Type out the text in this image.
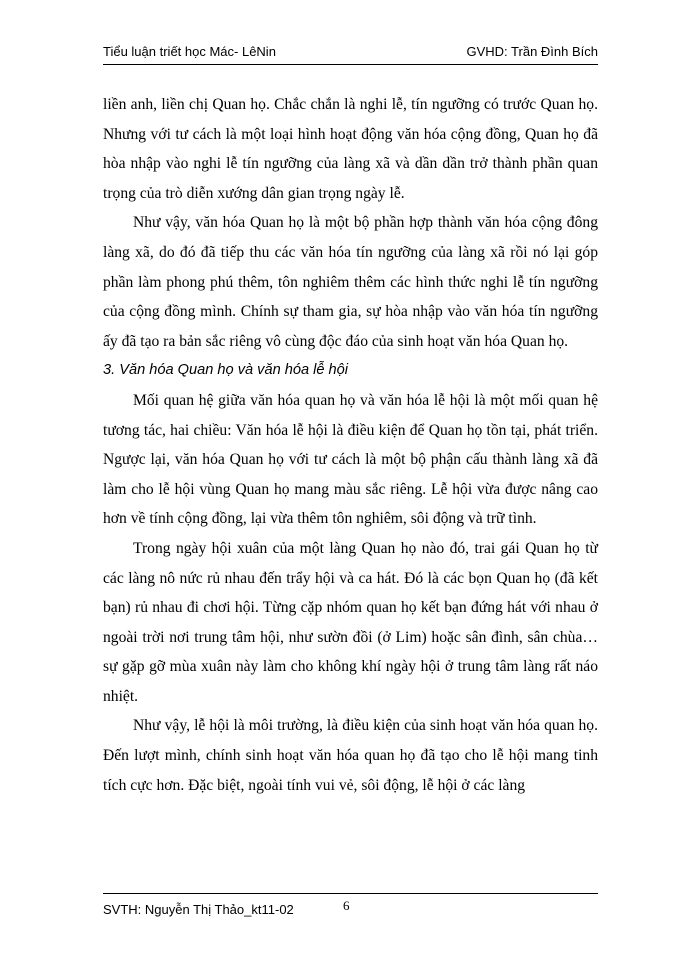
Tiểu luận triết học Mác- LêNin	GVHD: Trần Đình Bích

liền anh, liền chị Quan họ. Chắc chắn là nghi lễ, tín ngưỡng có trước Quan họ. Nhưng với tư cách là một loại hình hoạt động văn hóa cộng đồng, Quan họ đã hòa nhập vào nghi lễ tín ngưỡng của làng xã và dần dần trở thành phần quan trọng của trò diễn xướng dân gian trọng ngày lễ.

Như vậy, văn hóa Quan họ là một bộ phần hợp thành văn hóa cộng đông làng xã, do đó đã tiếp thu các văn hóa tín ngưỡng của làng xã rồi nó lại góp phần làm phong phú thêm, tôn nghiêm thêm các hình thức nghi lễ tín ngưỡng của cộng đồng mình. Chính sự tham gia, sự hòa nhập vào văn hóa tín ngưỡng ấy đã tạo ra bản sắc riêng vô cùng độc đáo của sinh hoạt văn hóa Quan họ.

3. Văn hóa Quan họ và văn hóa lễ hội

Mối quan hệ giữa văn hóa quan họ và văn hóa lễ hội là một mối quan hệ tương tác, hai chiều: Văn hóa lễ hội là điều kiện để Quan họ tồn tại, phát triển. Ngược lại, văn hóa Quan họ với tư cách là một bộ phận cấu thành làng xã đã làm cho lễ hội vùng Quan họ mang màu sắc riêng. Lễ hội vừa được nâng cao hơn về tính cộng đồng, lại vừa thêm tôn nghiêm, sôi động và trữ tình.

Trong ngày hội xuân của một làng Quan họ nào đó, trai gái Quan họ từ các làng nô nức rủ nhau đến trẩy hội và ca hát. Đó là các bọn Quan họ (đã kết bạn) rủ nhau đi chơi hội. Từng cặp nhóm quan họ kết bạn đứng hát với nhau ở ngoài trời nơi trung tâm hội, như sườn đồi (ở Lim) hoặc sân đình, sân chùa…sự gặp gỡ mùa xuân này làm cho không khí ngày hội ở trung tâm làng rất náo nhiệt.

Như vậy, lễ hội là môi trường, là điều kiện của sinh hoạt văn hóa quan họ. Đến lượt mình, chính sinh hoạt văn hóa quan họ đã tạo cho lễ hội mang tinh tích cực hơn. Đặc biệt, ngoài tính vui vẻ, sôi động, lễ hội ở các làng

SVTH: Nguyễn Thị Thảo_kt11-02	6
